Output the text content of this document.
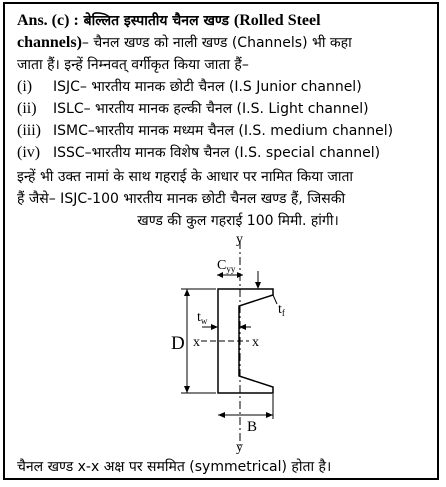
Ans. (c) : बेल्लित इस्पातीय चैनल खण्ड (Rolled Steel
channels)– चैनल खण्ड को नाली खण्ड (Channels) भी कहा
जाता हैं। इन्हें निम्नवत् वर्गीकृत किया जाता हैं–
(i) ISJC– भारतीय मानक छोटी चैनल (I.S Junior channel)
(ii) ISLC– भारतीय मानक हल्की चैनल (I.S. Light channel)
(iii) ISMC–भारतीय मानक मध्यम चैनल (I.S. medium channel)
(iv) ISSC–भारतीय मानक विशेष चैनल (I.S. special channel)
इन्हें भी उक्त नामां के साथ गहराई के आधार पर नामित किया जाता
हैं जैसे– ISJC-100 भारतीय मानक छोटी चैनल खण्ड हैं, जिसकी
खण्ड की कुल गहराई 100 मिमी. हांगी।
y
y
x	x
$C_{yy}$
$t_f$
$t_w$
D
B
चैनल खण्ड x-x अक्ष पर सममित (symmetrical) होता है।
